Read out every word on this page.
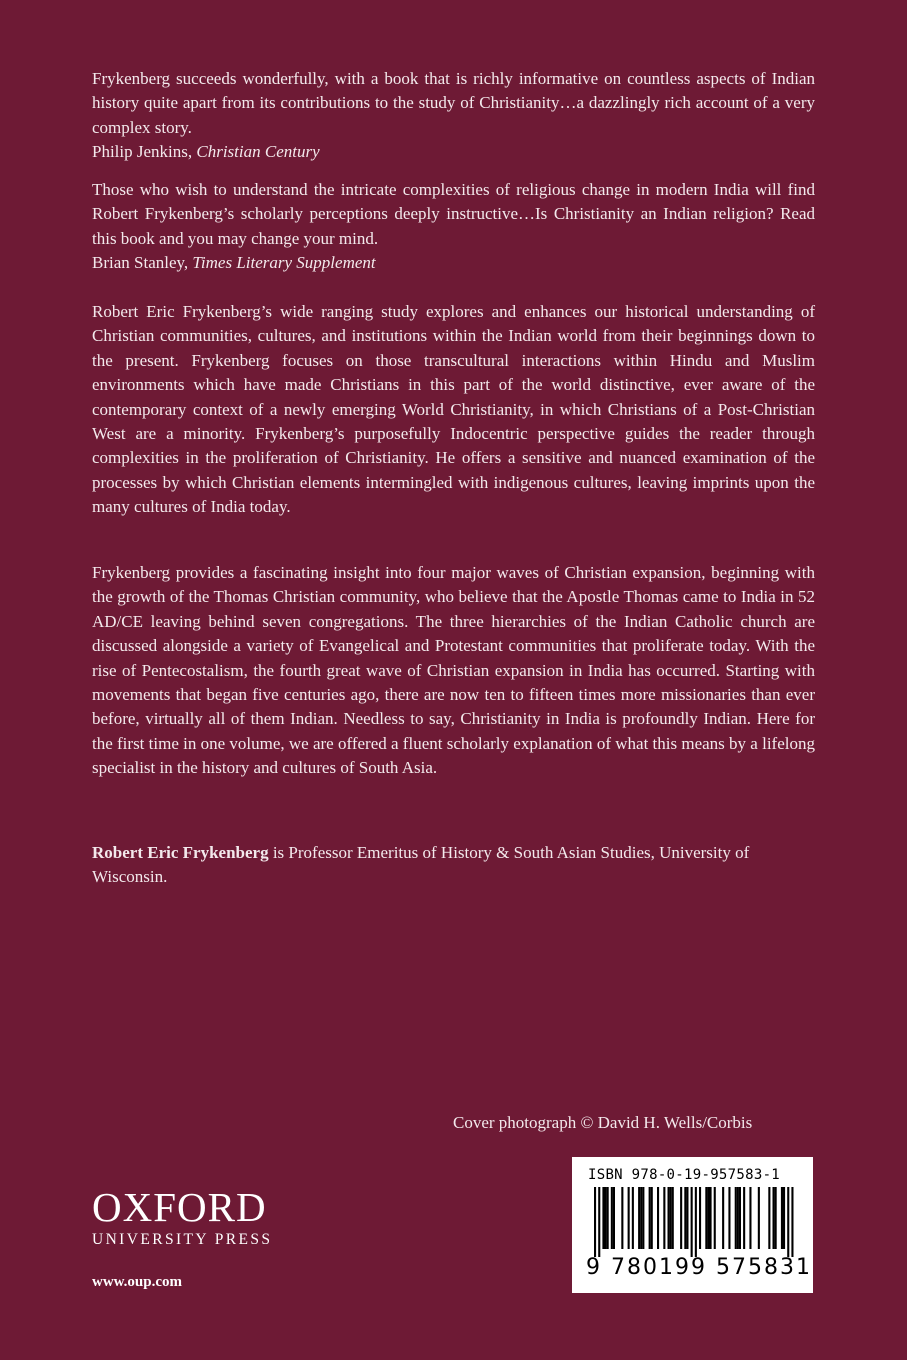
Frykenberg succeeds wonderfully, with a book that is richly informative on countless aspects of Indian history quite apart from its contributions to the study of Christianity…a dazzlingly rich account of a very complex story.

Philip Jenkins, Christian Century

Those who wish to understand the intricate complexities of religious change in modern India will find Robert Frykenberg’s scholarly perceptions deeply instructive…Is Christianity an Indian religion? Read this book and you may change your mind.

Brian Stanley, Times Literary Supplement

Robert Eric Frykenberg’s wide ranging study explores and enhances our historical understanding of Christian communities, cultures, and institutions within the Indian world from their beginnings down to the present. Frykenberg focuses on those transcultural interactions within Hindu and Muslim environments which have made Christians in this part of the world distinctive, ever aware of the contemporary context of a newly emerging World Christianity, in which Christians of a Post-Christian West are a minority. Frykenberg’s purposefully Indocentric perspective guides the reader through complexities in the proliferation of Christianity. He offers a sensitive and nuanced examination of the processes by which Christian elements intermingled with indigenous cultures, leaving imprints upon the many cultures of India today.

Frykenberg provides a fascinating insight into four major waves of Christian expansion, beginning with the growth of the Thomas Christian community, who believe that the Apostle Thomas came to India in 52 AD/CE leaving behind seven congregations. The three hierarchies of the Indian Catholic church are discussed alongside a variety of Evangelical and Protestant communities that proliferate today. With the rise of Pentecostalism, the fourth great wave of Christian expansion in India has occurred. Starting with movements that began five centuries ago, there are now ten to fifteen times more missionaries than ever before, virtually all of them Indian. Needless to say, Christianity in India is profoundly Indian. Here for the first time in one volume, we are offered a fluent scholarly explanation of what this means by a lifelong specialist in the history and cultures of South Asia.

Robert Eric Frykenberg is Professor Emeritus of History & South Asian Studies, University of Wisconsin.

Cover photograph © David H. Wells/Corbis
OXFORD
UNIVERSITY PRESS
www.oup.com
ISBN 978-0-19-957583-1
9 780199 575831
